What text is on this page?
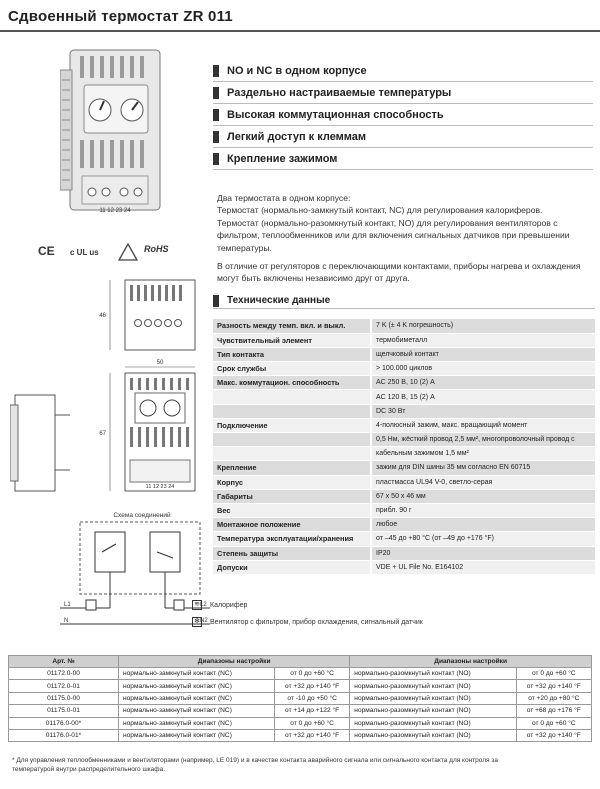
Сдвоенный термостат ZR 011
11 12 23 24
CE c UL us	RoHS
46
50
11 12 23 24
67
Схема соединений
L1
N
L2
N2
≋ Калорифер
✻ Вентилятор с фильтром, прибор охлаждения, сигнальный датчик
NO и NC в одном корпусе
Раздельно настраиваемые температуры
Высокая коммутационная способность
Легкий доступ к клеммам
Крепление зажимом
Два термостата в одном корпусе:
Термостат (нормально-замкнутый контакт, NC) для регулирования калориферов.

Термостат (нормально-разомкнутый контакт, NO) для регулирования вентиляторов с фильтром, теплообменников или для включения сигнальных датчиков при превышении температуры.

В отличие от регуляторов с переключающими контактами, приборы нагрева и охлаждения могут быть включены независимо друг от друга.

Технические данные
Разность между темп. вкл. и выкл.	7 K (± 4 K погрешность)
Чувствительный элемент	термобиметалл
Тип контакта	щелчковый контакт
Срок службы	> 100.000 циклов
Макс. коммутацион. способность	AC 250 В, 10 (2) A
	AC 120 В, 15 (2) A
	DC 30 Вт
Подключение	4-полюсный зажим, макс. вращающий момент
	0,5 Нм, жёсткий провод 2,5 мм², многопроволочный провод с
	кабельным зажимом 1,5 мм²
Крепление	зажим для DIN шины 35 мм согласно EN 60715
Корпус	пластмасса UL94 V-0, светло-серая
Габариты	67 x 50 x 46 мм
Вес	прибл. 90 г
Монтажное положение	любое
Температура эксплуатации/хранения	от –45 до +80 °C (от –49 до +176 °F)
Степень защиты	IP20
Допуски	VDE + UL File No. E164102
Арт. №	Диапазоны настройки		Диапазоны настройки	
01172.0-00	нормально-замкнутый контакт (NC)	от 0 до +60 °C	нормально-разомкнутый контакт (NO)	от 0 до +60 °C
01172.0-01	нормально-замкнутый контакт (NC)	от +32 до +140 °F	нормально-разомкнутый контакт (NO)	от +32 до +140 °F
01175.0-00	нормально-замкнутый контакт (NC)	от -10 до +50 °C	нормально-разомкнутый контакт (NO)	от +20 до +80 °C
01175.0-01	нормально-замкнутый контакт (NC)	от +14 до +122 °F	нормально-разомкнутый контакт (NO)	от +68 до +176 °F
01176.0-00*	нормально-замкнутый контакт (NC)	от 0 до +60 °C	нормально-разомкнутый контакт (NO)	от 0 до +60 °C
01176.0-01*	нормально-замкнутый контакт (NC)	от +32 до +140 °F	нормально-разомкнутый контакт (NO)	от +32 до +140 °F
* Для управления теплообменниками и вентиляторами (например, LE 019) и в качестве контакта аварийного сигнала или сигнального контакта для контроля за температурой внутри распределительного шкафа.
